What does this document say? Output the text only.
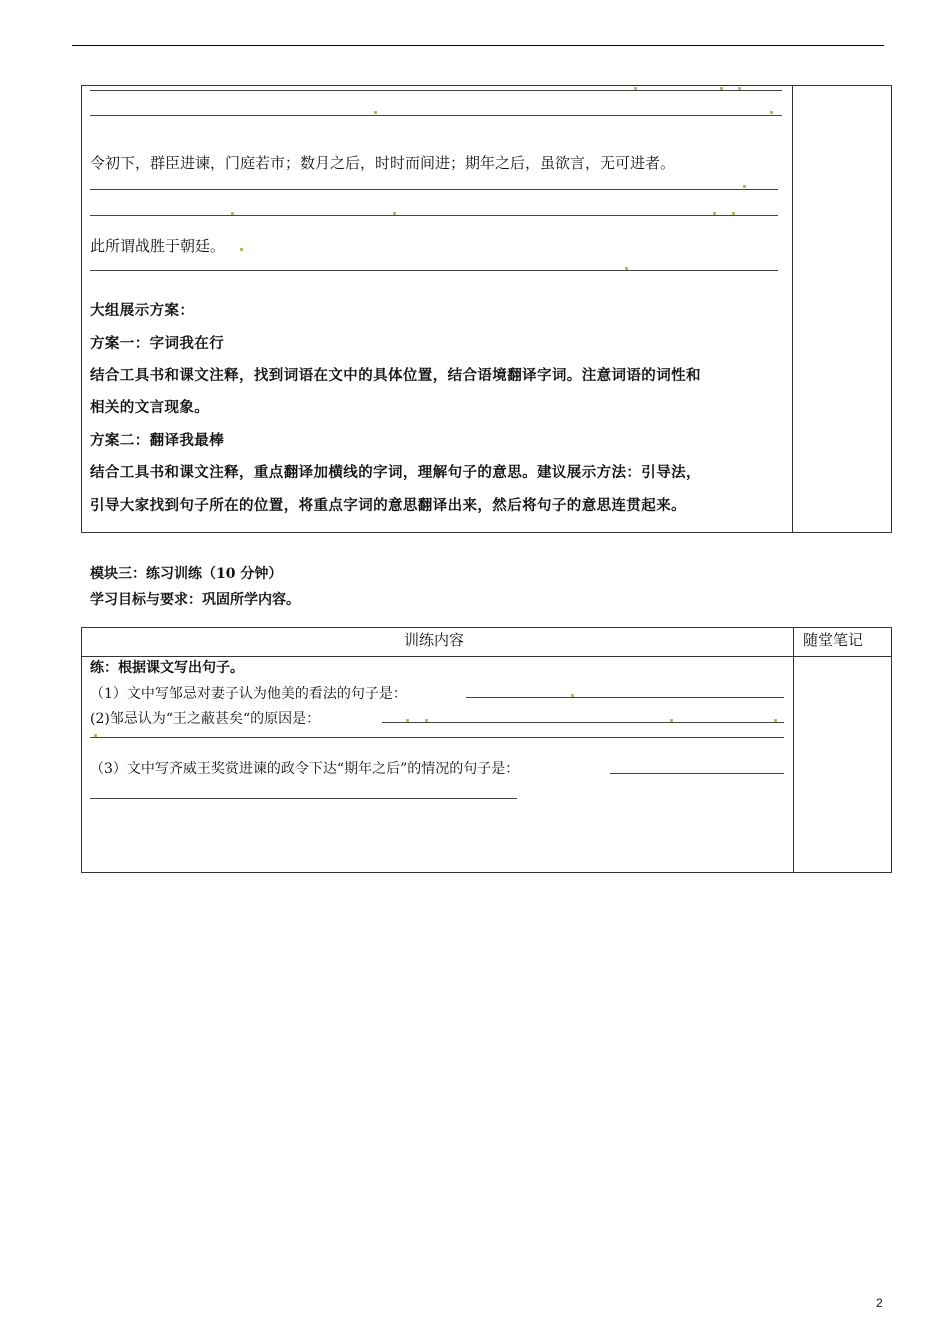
令初下，群臣进谏，门庭若市；数月之后，时时而间进；期年之后，虽欲言，无可进者。
此所谓战胜于朝廷。
大组展示方案：
方案一：字词我在行
结合工具书和课文注释，找到词语在文中的具体位置，结合语境翻译字词。注意词语的词性和
相关的文言现象。
方案二：翻译我最棒
结合工具书和课文注释，重点翻译加横线的字词，理解句子的意思。建议展示方法：引导法，
引导大家找到句子所在的位置，将重点字词的意思翻译出来，然后将句子的意思连贯起来。
模块三：练习训练（10 分钟）
学习目标与要求：巩固所学内容。
训练内容	随堂笔记
练：根据课文写出句子。
（1）文中写邹忌对妻子认为他美的看法的句子是：
(2)邹忌认为“王之蔽甚矣“的原因是：
（3）文中写齐威王奖赏进谏的政令下达“期年之后”的情况的句子是：
2
